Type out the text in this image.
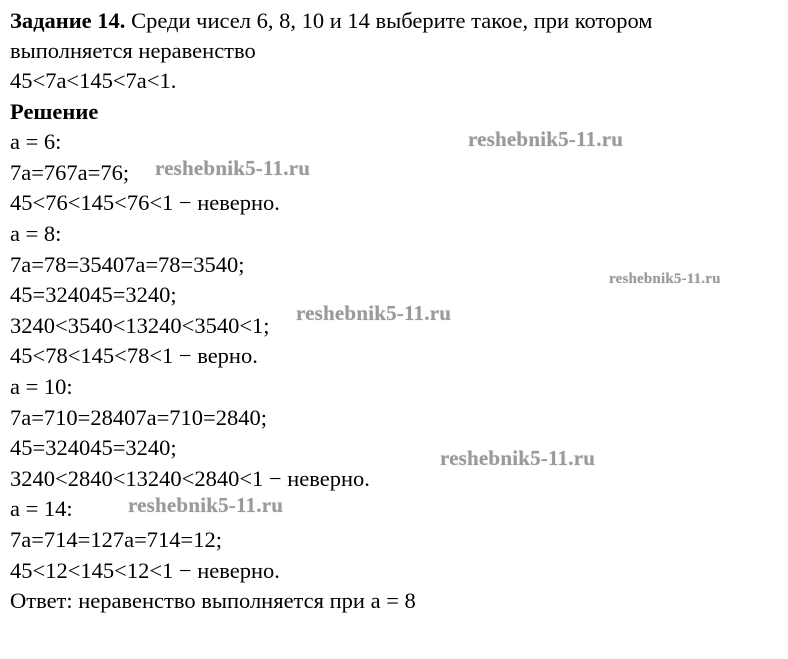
Задание 14. Среди чисел 6, 8, 10 и 14 выберите такое, при котором

выполняется неравенство

45<7a<145<7a<1.

Решение

a = 6:

7a=767a=76;

45<76<145<76<1 − неверно.

a = 8:

7a=78=35407a=78=3540;

45=324045=3240;

3240<3540<13240<3540<1;

45<78<145<78<1 − верно.

a = 10:

7a=710=28407a=710=2840;

45=324045=3240;

3240<2840<13240<2840<1 − неверно.

a = 14:

7a=714=127a=714=12;

45<12<145<12<1 − неверно.

Ответ: неравенство выполняется при a = 8

reshebnik5-11.ru
reshebnik5-11.ru
reshebnik5-11.ru
reshebnik5-11.ru
reshebnik5-11.ru
reshebnik5-11.ru
